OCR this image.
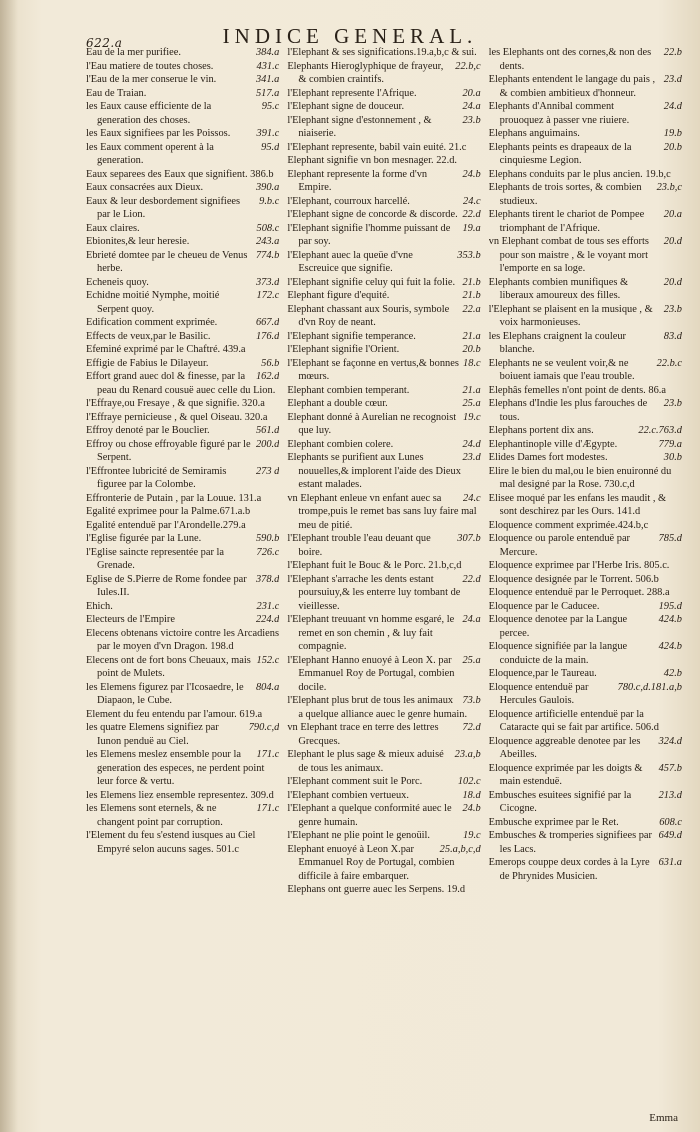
622.a	INDICE GENERAL.

384.a
Eau de la mer purifiee.

431.c
l'Eau matiere de toutes choses.

341.a
l'Eau de la mer conserue le vin.

517.a
Eau de Traian.

95.c
les Eaux cause efficiente de la generation des choses.

391.c
les Eaux signifiees par les Poissos.

95.d
les Eaux comment operent à la generation.

Eaux separees des Eaux que signifient. 386.b

390.a
Eaux consacrées aux Dieux.

9.b.c
Eaux & leur desbordement signifiees par le Lion.

508.c
Eaux claires.

243.a
Ebionites,& leur heresie.

774.b
Ebrieté domtee par le cheueu de Venus herbe.

373.d
Echeneis quoy.

172.c
Echidne moitié Nymphe, moitié Serpent quoy.

667.d
Edification comment exprimée.

176.d
Effects de veux,par le Basilic.

Efeminé exprimé par le Chaftré. 439.a

56.b
Effigie de Fabius le Dilayeur.

162.d
Effort grand auec dol & finesse, par la peau du Renard cousuë auec celle du Lion.

l'Effraye,ou Fresaye , & que signifie. 320.a

l'Effraye pernicieuse , & quel Oiseau. 320.a

561.d
Effroy denoté par le Bouclier.

200.d
Effroy ou chose effroyable figuré par le Serpent.

273 d
l'Effrontee lubricité de Semiramis figuree par la Colombe.

Effronterie de Putain , par la Louue. 131.a

Egalité exprimee pour la Palme.671.a.b

Egalité entenduë par l'Arondelle.279.a

590.b
l'Eglise figurée par la Lune.

726.c
l'Eglise saincte representée par la Grenade.

378.d
Eglise de S.Pierre de Rome fondee par Iules.II.

231.c
Ehich.

224.d
Electeurs de l'Empire

Elecens obtenans victoire contre les Arcadiens par le moyen d'vn Dragon. 198.d

152.c
Elecens ont de fort bons Cheuaux, mais point de Mulets.

804.a
les Elemens figurez par l'Icosaedre, le Diapaon, le Cube.

Element du feu entendu par l'amour. 619.a

790.c,d
les quatre Elemens signifiez par Iunon penduë au Ciel.

171.c
les Elemens meslez ensemble pour la generation des especes, ne perdent point leur force & vertu.

les Elemens liez ensemble representez. 309.d

171.c
les Elemens sont eternels, & ne changent point par corruption.

l'Element du feu s'estend iusques au Ciel Empyré selon aucuns sages. 501.c

l'Elephant & ses significations.19.a,b,c & sui.

22.b,c
Elephants Hieroglyphique de frayeur, & combien craintifs.

20.a
l'Elephant represente l'Afrique.

24.a
l'Elephant signe de douceur.

23.b
l'Elephant signe d'estonnement , & niaiserie.

l'Elephant represente, babil vain euité. 21.c

Elephant signifie vn bon mesnager. 22.d.

24.b
Elephant represente la forme d'vn Empire.

24.c
l'Elephant, courroux harcellé.

22.d
l'Elephant signe de concorde & discorde.

19.a
l'Elephant signifie l'homme puissant de par soy.

353.b
l'Elephant auec la queüe d'vne Escreuice que signifie.

21.b
l'Elephant signifie celuy qui fuit la folie.

21.b
Elephant figure d'equité.

22.a
Elephant chassant aux Souris, symbole d'vn Roy de neant.

21.a
l'Elephant signifie temperance.

20.b
l'Elephant signifie l'Orient.

18.c
l'Elephant se façonne en vertus,& bonnes mœurs.

21.a
Elephant combien temperant.

25.a
Elephant a double cœur.

19.c
Elephant donné à Aurelian ne recognoist que luy.

24.d
Elephant combien colere.

23.d
Elephants se purifient aux Lunes nouuelles,& implorent l'aide des Dieux estant malades.

24.c
vn Elephant enleue vn enfant auec sa trompe,puis le remet bas sans luy faire mal meu de pitié.

307.b
l'Elephant trouble l'eau deuant que boire.

l'Elephant fuit le Bouc & le Porc. 21.b,c,d

22.d
l'Elephant s'arrache les dents estant poursuiuy,& les enterre luy tombant de vieillesse.

24.a
l'Elephant treuuant vn homme esgaré, le remet en son chemin , & luy fait compagnie.

25.a
l'Elephant Hanno enuoyé à Leon X. par Emmanuel Roy de Portugal, combien docile.

73.b
l'Elephant plus brut de tous les animaux a quelque alliance auec le genre humain.

72.d
vn Elephant trace en terre des lettres Grecques.

23.a,b
Elephant le plus sage & mieux aduisé de tous les animaux.

102.c
l'Elephant comment suit le Porc.

18.d
l'Elephant combien vertueux.

24.b
l'Elephant a quelque conformité auec le genre humain.

19.c
l'Elephant ne plie point le genoüil.

25.a,b,c,d
Elephant enuoyé à Leon X.par Emmanuel Roy de Portugal, combien difficile à faire embarquer.

Elephans ont guerre auec les Serpens. 19.d

22.b
les Elephants ont des cornes,& non des dents.

23.d
Elephants entendent le langage du pais , & combien ambitieux d'honneur.

24.d
Elephants d'Annibal comment prouoquez à passer vne riuiere.

19.b
Elephans anguimains.

20.b
Elephants peints es drapeaux de la cinquiesme Legion.

Elephans conduits par le plus ancien. 19.b,c

23.b,c
Elephants de trois sortes, & combien studieux.

20.a
Elephants tirent le chariot de Pompee triomphant de l'Afrique.

20.d
vn Elephant combat de tous ses efforts pour son maistre , & le voyant mort l'emporte en sa loge.

20.d
Elephants combien munifiques & liberaux amoureux des filles.

23.b
l'Elephant se plaisent en la musique , & voix harmonieuses.

83.d
les Elephans craignent la couleur blanche.

22.b.c
Elephants ne se veulent voir,& ne boiuent iamais que l'eau trouble.

Elephâs femelles n'ont point de dents. 86.a

23.b
Elephans d'Indie les plus farouches de tous.

22.c.763.d
Elephans portent dix ans.

779.a
Elephantinople ville d'Ægypte.

30.b
Elides Dames fort modestes.

Elire le bien du mal,ou le bien enuironné du mal designé par la Rose. 730.c,d

Elisee moqué par les enfans les maudit , & sont deschirez par les Ours. 141.d

Eloquence comment exprimée.424.b,c

785.d
Eloquence ou parole entenduë par Mercure.

Eloquence exprimee par l'Herbe Iris. 805.c.

Eloquence designée par le Torrent. 506.b

Eloquence entenduë par le Perroquet. 288.a

195.d
Eloquence par le Caducee.

424.b
Eloquence denotee par la Langue percee.

424.b
Eloquence signifiée par la langue conduicte de la main.

42.b
Eloquence,par le Taureau.

780.c,d.181.a,b
Eloquence entenduë par Hercules Gaulois.

Eloquence artificielle entenduë par la Cataracte qui se fait par artifice. 506.d

324.d
Eloquence aggreable denotee par les Abeilles.

457.b
Eloquence exprimée par les doigts & main estenduë.

213.d
Embusches esuitees signifié par la Cicogne.

608.c
Embusche exprimee par le Ret.

649.d
Embusches & tromperies signifiees par les Lacs.

631.a
Emerops couppe deux cordes à la Lyre de Phrynides Musicien.

Emma
